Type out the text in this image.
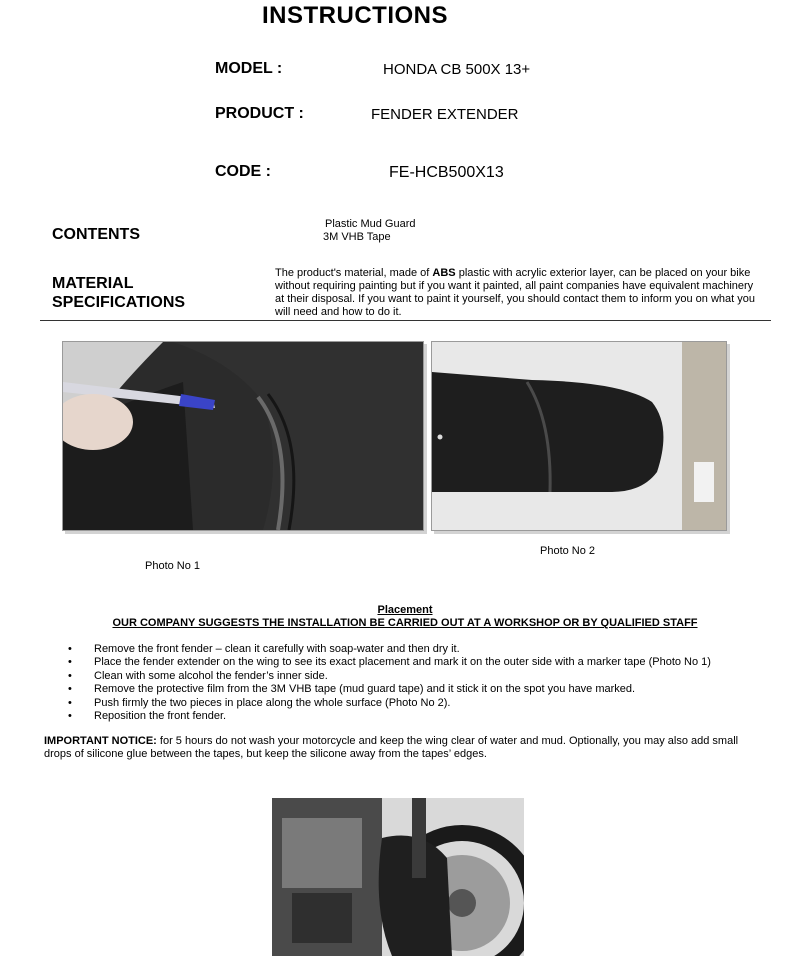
INSTRUCTIONS
MODEL :	HONDA CB 500X 13+
PRODUCT :	FENDER EXTENDER
CODE :	FE-HCB500X13
CONTENTS
Plastic Mud Guard
3M VHB Tape
MATERIAL
SPECIFICATIONS
The product's material, made of ABS plastic with acrylic exterior layer, can be placed on your bike without requiring painting but if you want it painted, all paint companies have equivalent machinery at their disposal. If you want to paint it yourself, you should contact them to inform you on what you will need and how to do it.
Photo No 1
Photo No 2
Placement
OUR COMPANY SUGGESTS THE INSTALLATION BE CARRIED OUT AT A WORKSHOP OR BY QUALIFIED STAFF
• Remove the front fender – clean it carefully with soap-water and then dry it.
• Place the fender extender on the wing to see its exact placement and mark it on the outer side with a marker tape (Photo No 1)
• Clean with some alcohol the fender’s inner side.
• Remove the protective film from the 3M VHB tape (mud guard tape) and it stick it on the spot you have marked.
• Push firmly the two pieces in place along the whole surface (Photo No 2).
• Reposition the front fender.
IMPORTANT NOTICE: for 5 hours do not wash your motorcycle and keep the wing clear of water and mud. Optionally, you may also add small drops of silicone glue between the tapes, but keep the silicone away from the tapes’ edges.
